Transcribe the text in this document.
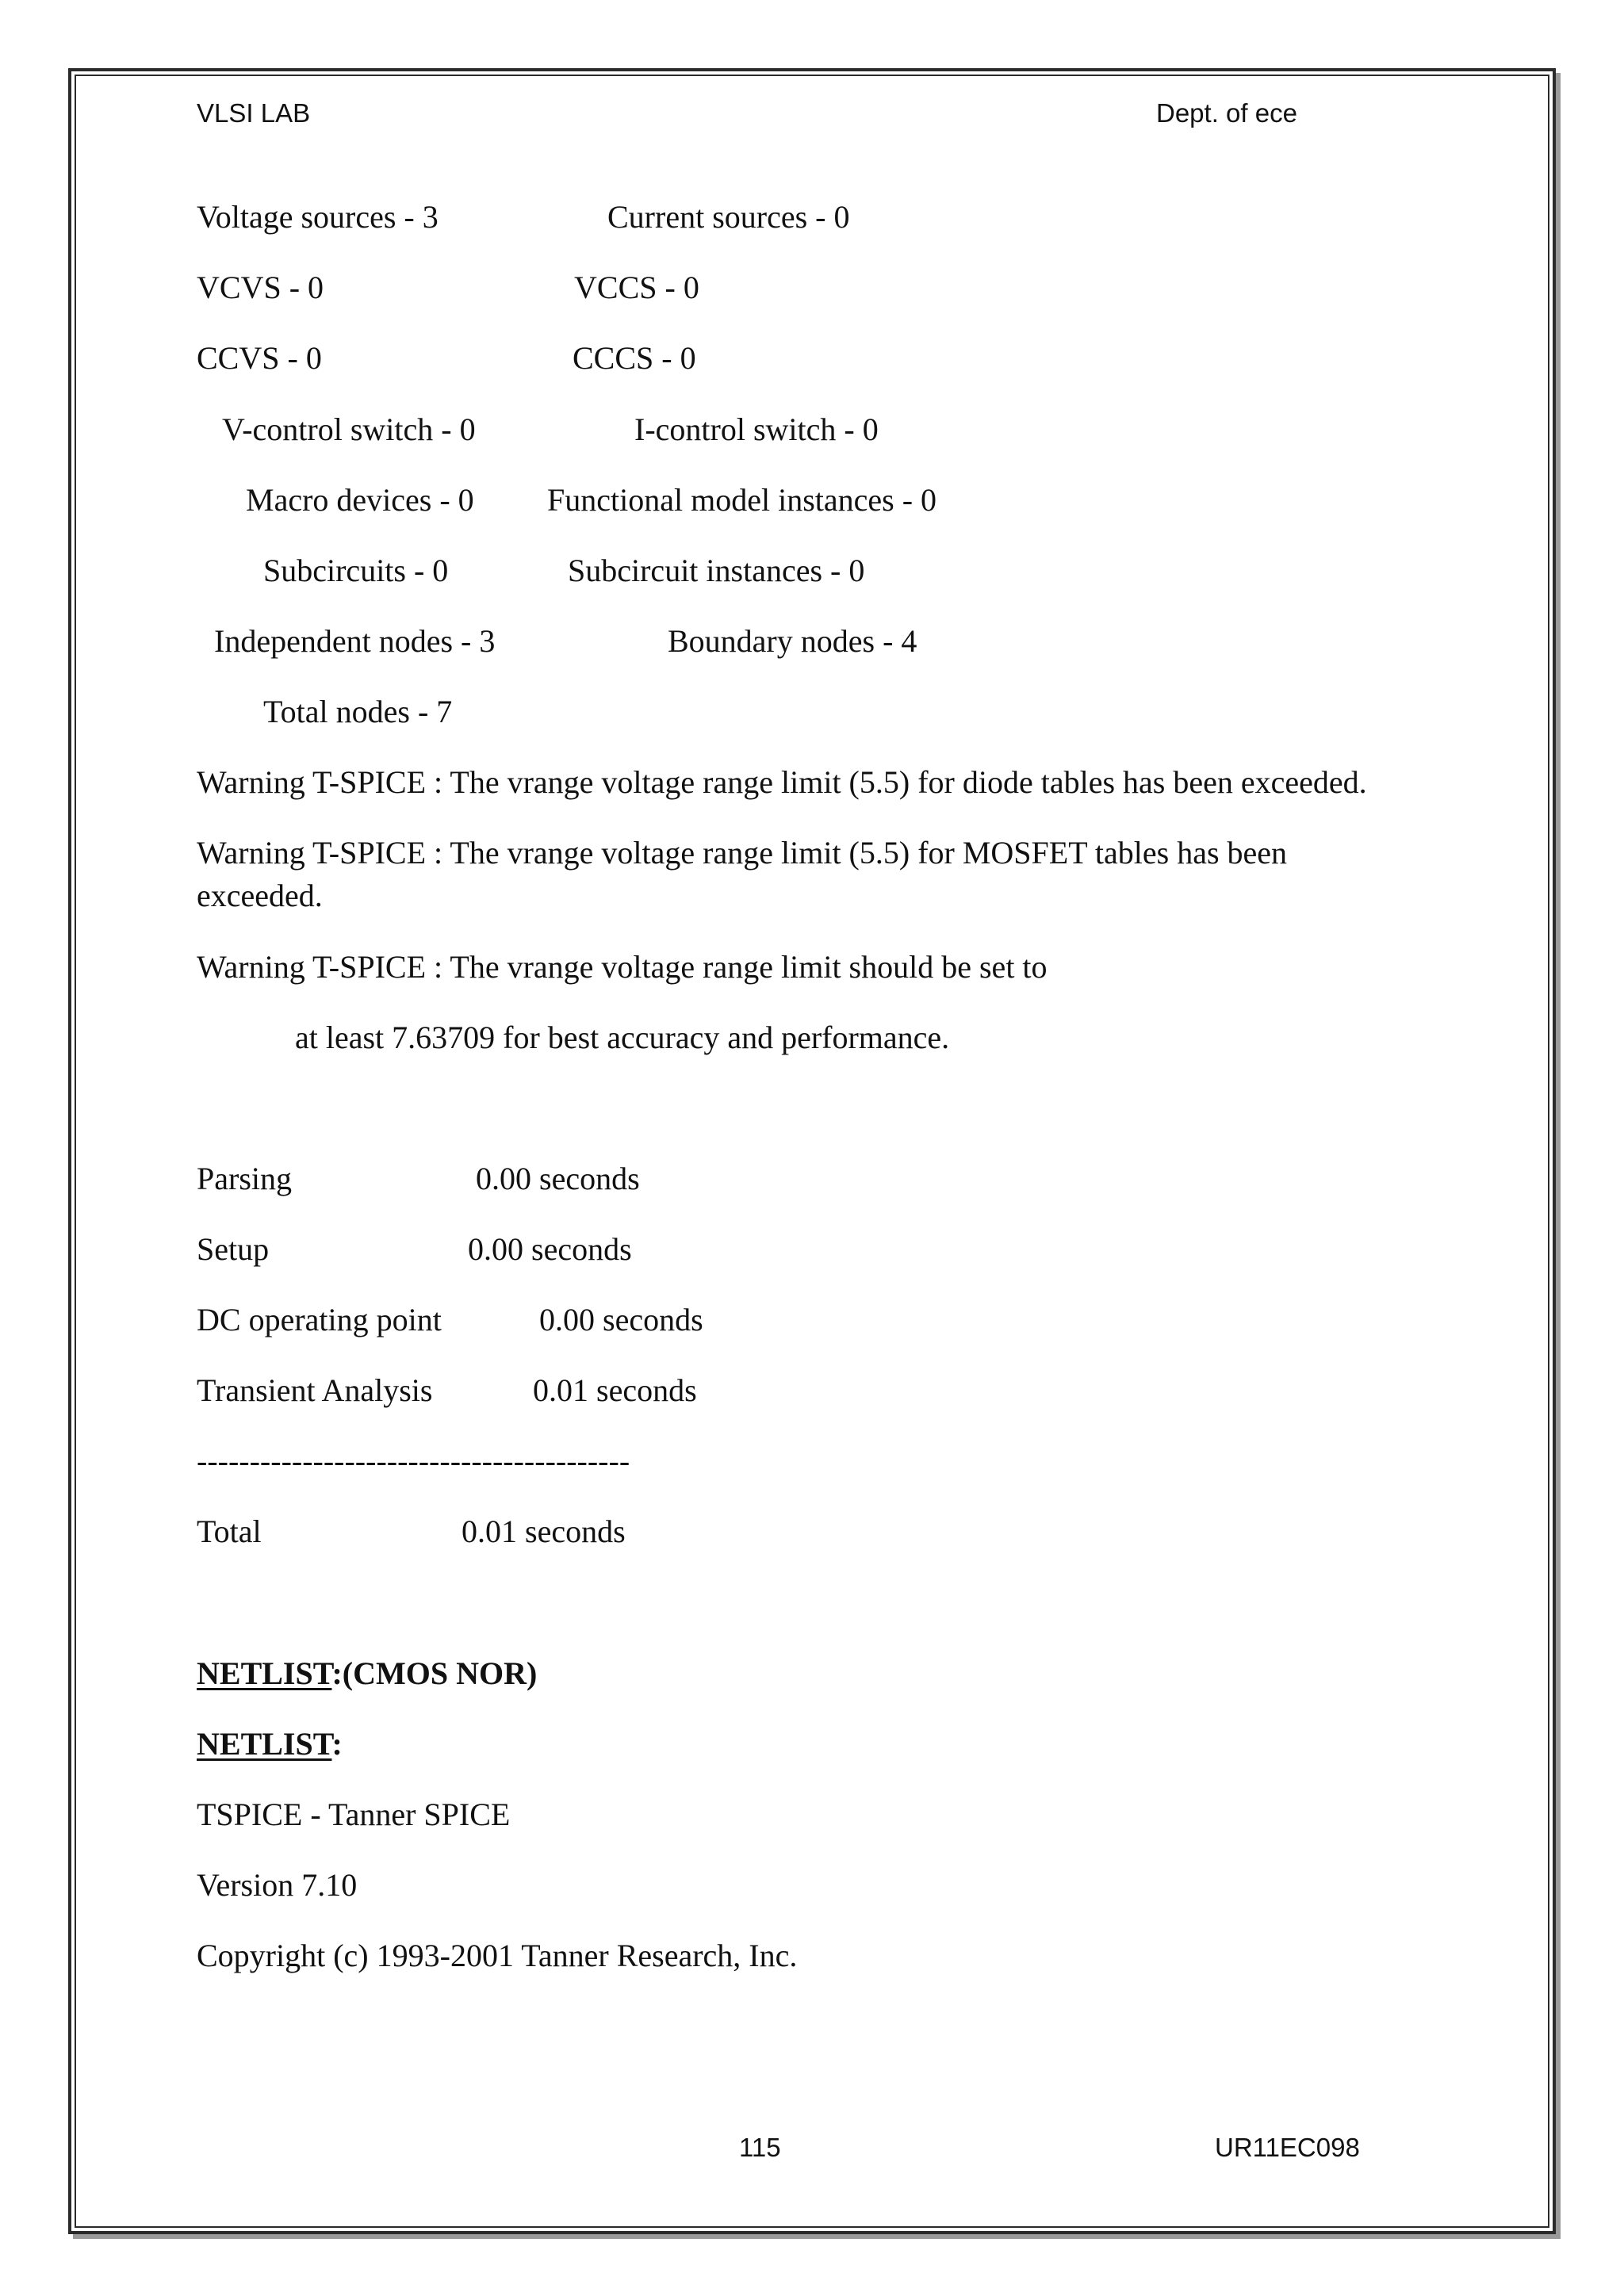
VLSI LAB	Dept. of ece
Voltage sources - 3	Current sources - 0
VCVS - 0	VCCS - 0
CCVS - 0	CCCS - 0
V-control switch - 0	I-control switch - 0
Macro devices - 0 Functional model instances - 0
Subcircuits - 0	Subcircuit instances - 0
Independent nodes - 3	Boundary nodes - 4
Total nodes - 7
Warning T-SPICE : The vrange voltage range limit (5.5) for diode tables has been exceeded.
Warning T-SPICE : The vrange voltage range limit (5.5) for MOSFET tables has been
exceeded.
Warning T-SPICE : The vrange voltage range limit should be set to
at least 7.63709 for best accuracy and performance.
Parsing	0.00 seconds
Setup	0.00 seconds
DC operating point	0.00 seconds
Transient Analysis	0.01 seconds
-----------------------------------------
Total	0.01 seconds
NETLIST:(CMOS NOR)
NETLIST:
TSPICE - Tanner SPICE
Version 7.10
Copyright (c) 1993-2001 Tanner Research, Inc.
115	UR11EC098
